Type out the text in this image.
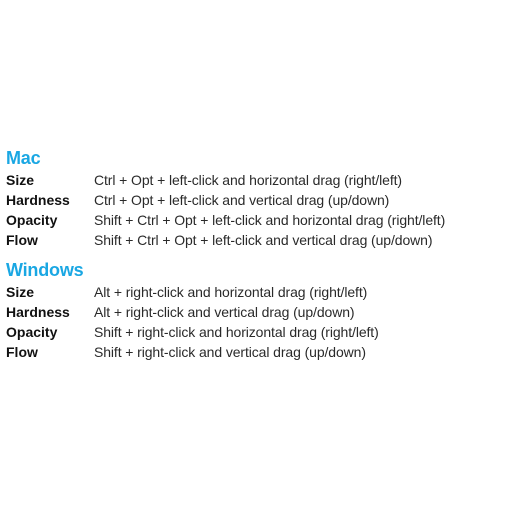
Mac
Size	Ctrl + Opt + left-click and horizontal drag (right/left)
Hardness	Ctrl + Opt + left-click and vertical drag (up/down)
Opacity	Shift + Ctrl + Opt + left-click and horizontal drag (right/left)
Flow	Shift + Ctrl + Opt + left-click and vertical drag (up/down)
Windows
Size	Alt + right-click and horizontal drag (right/left)
Hardness	Alt + right-click and vertical drag (up/down)
Opacity	Shift + right-click and horizontal drag (right/left)
Flow	Shift + right-click and vertical drag (up/down)
